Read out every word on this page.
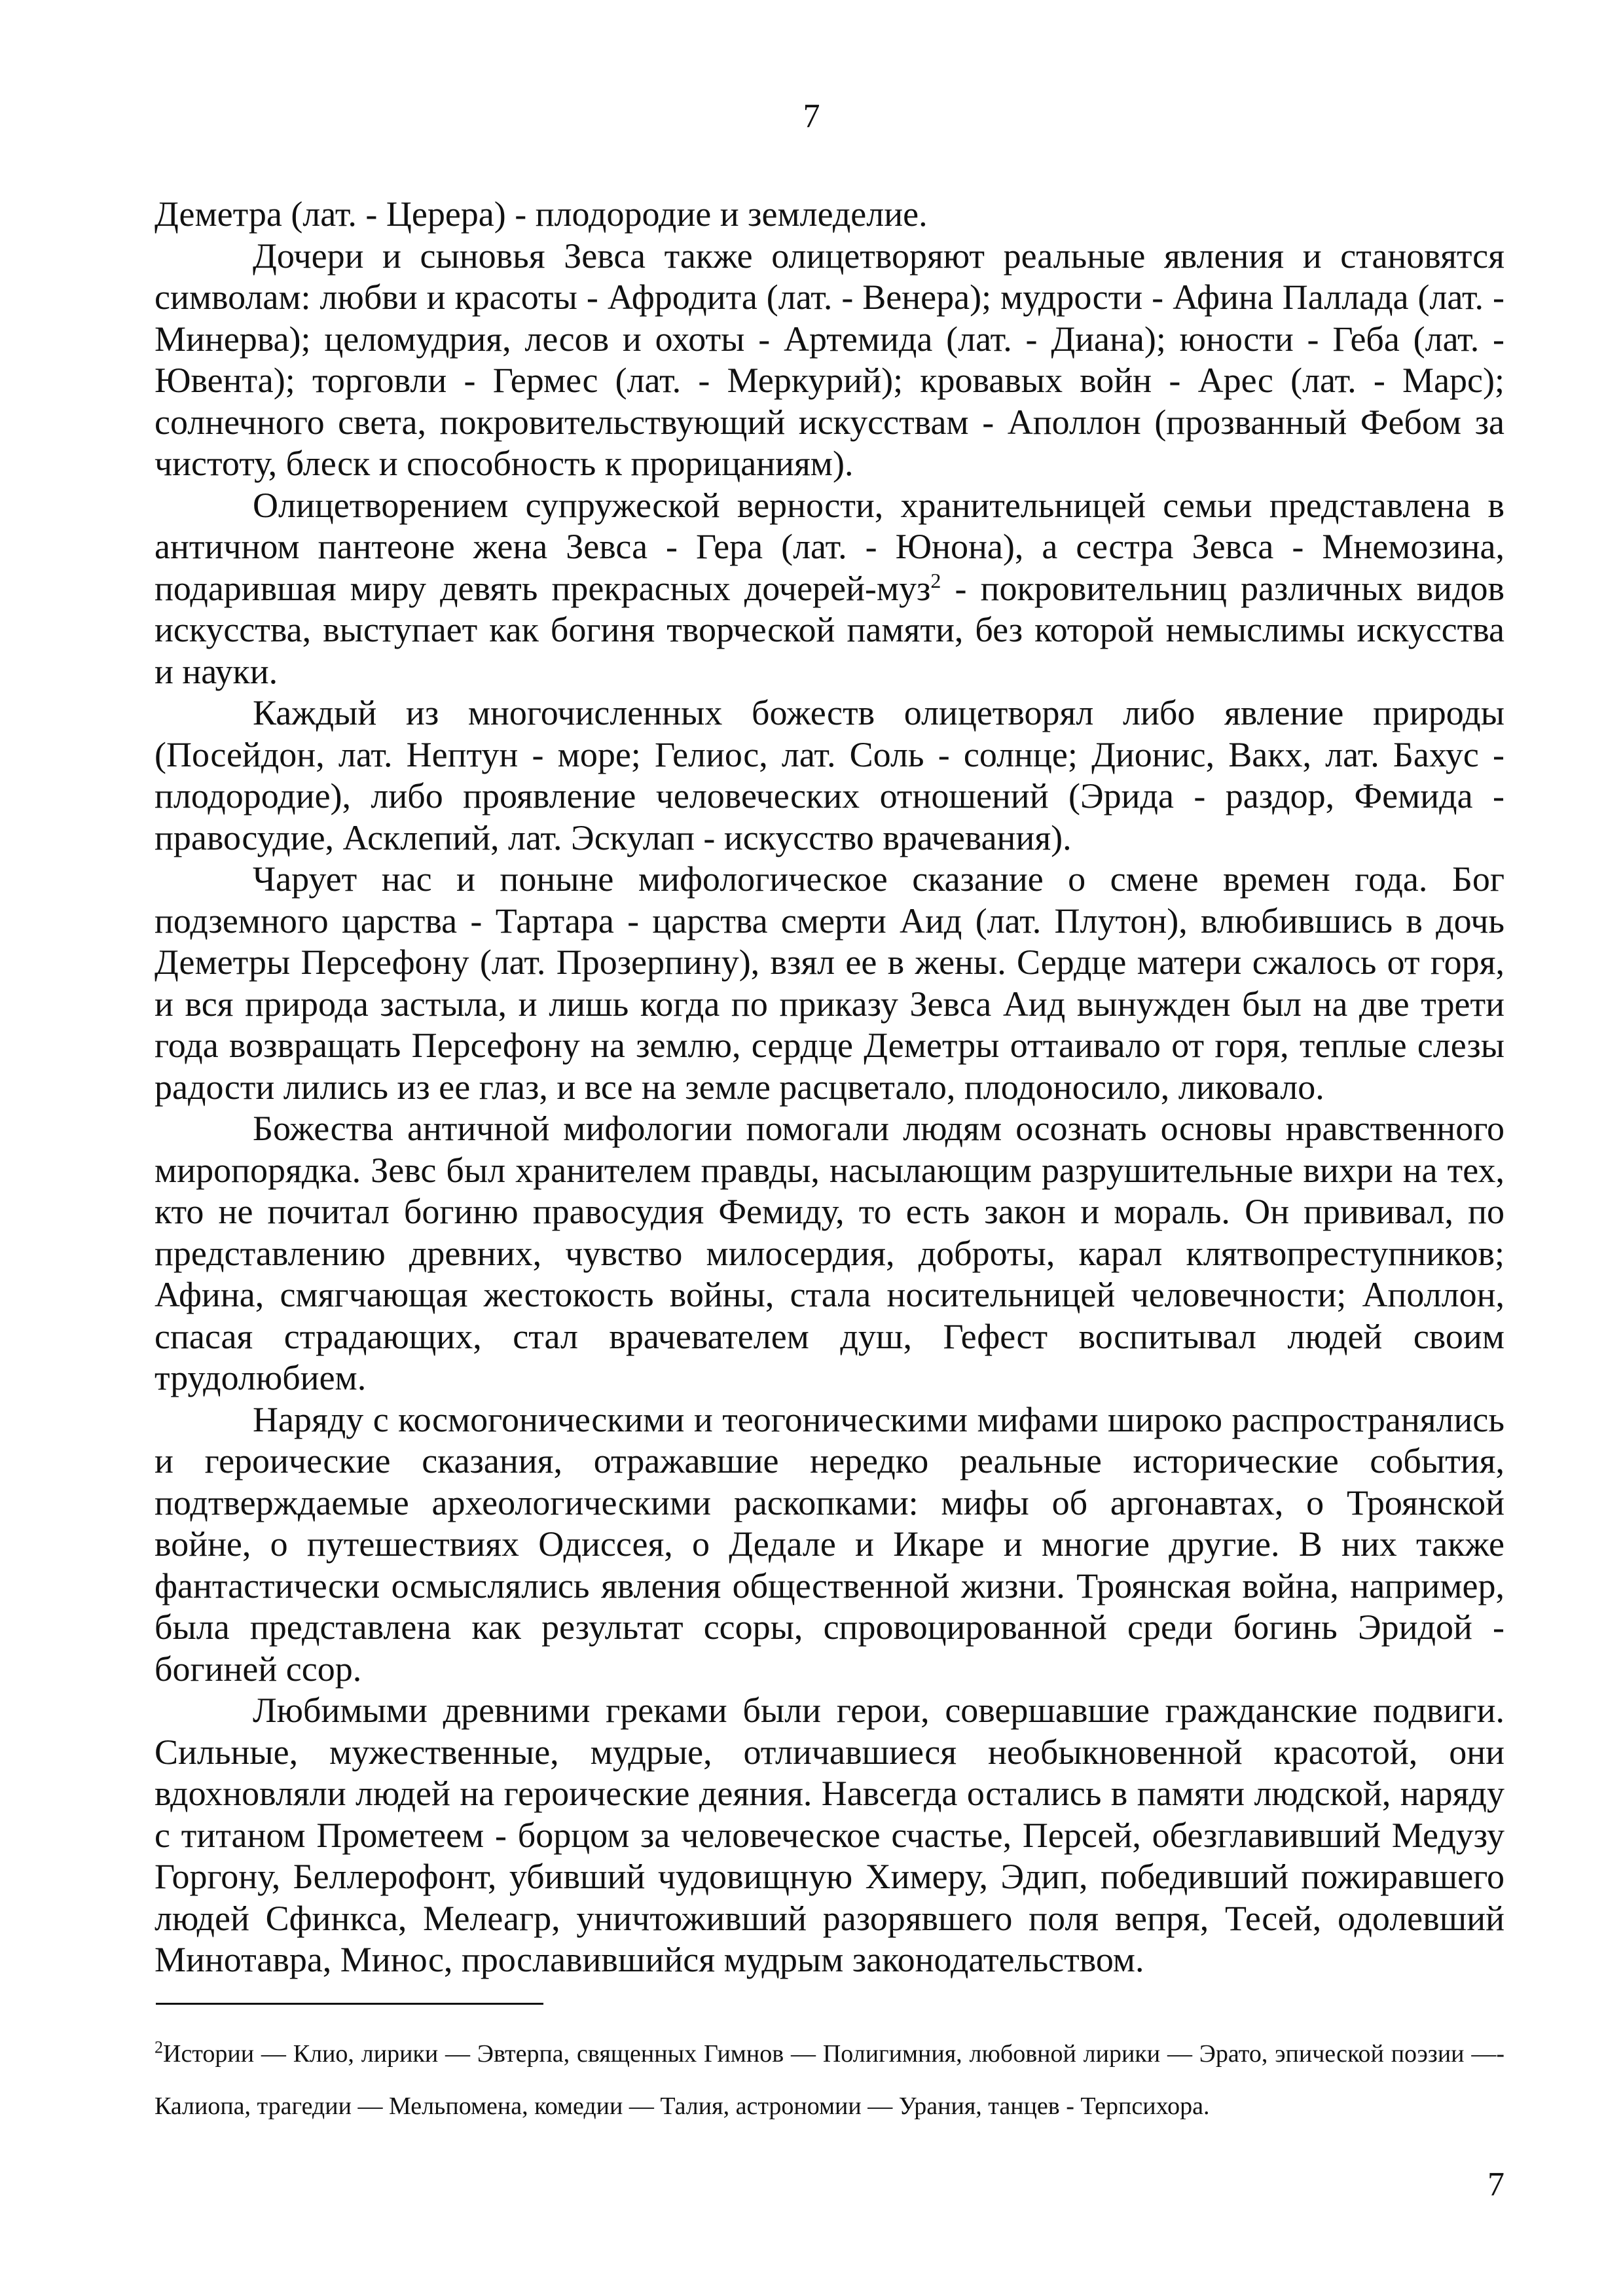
7

Деметра (лат. - Церера) - плодородие и земледелие.

Дочери и сыновья Зевса также олицетворяют реальные явления и становятся символам: любви и красоты - Афродита (лат. - Венера); мудрости - Афина Паллада (лат. - Минерва); целомудрия, лесов и охоты - Артемида (лат. - Диана); юности - Геба (лат. - Ювента); торговли - Гермес (лат. - Меркурий); кровавых войн - Арес (лат. - Марс); солнечного света, покровительствующий искусствам - Аполлон (прозванный Фебом за чистоту, блеск и способность к прорицаниям).

Олицетворением супружеской верности, хранительницей семьи представлена в античном пантеоне жена Зевса - Гера (лат. - Юнона), а сестра Зевса - Мнемозина, подарившая миру девять прекрасных дочерей-муз$^2$ - покровительниц различных видов искусства, выступает как богиня творческой памяти, без которой немыслимы искусства и науки.

Каждый из многочисленных божеств олицетворял либо явление природы (Посейдон, лат. Нептун - море; Гелиос, лат. Соль - солнце; Дионис, Вакх, лат. Бахус - плодородие), либо проявление человеческих отношений (Эрида - раздор, Фемида - правосудие, Асклепий, лат. Эскулап - искусство врачевания).

Чарует нас и поныне мифологическое сказание о смене времен года. Бог подземного царства - Тартара - царства смерти Аид (лат. Плутон), влюбившись в дочь Деметры Персефону (лат. Прозерпину), взял ее в жены. Сердце матери сжалось от горя, и вся природа застыла, и лишь когда по приказу Зевса Аид вынужден был на две трети года возвращать Персефону на землю, сердце Деметры оттаивало от горя, теплые слезы радости лились из ее глаз, и все на земле расцветало, плодоносило, ликовало.

Божества античной мифологии помогали людям осознать основы нравственного миропорядка. Зевс был хранителем правды, насылающим разрушительные вихри на тех, кто не почитал богиню правосудия Фемиду, то есть закон и мораль. Он прививал, по представлению древних, чувство милосердия, доброты, карал клятвопреступников; Афина, смягчающая жестокость войны, стала носительницей человечности; Аполлон, спасая страдающих, стал врачевателем душ, Гефест воспитывал людей своим трудолюбием.

Наряду с космогоническими и теогоническими мифами широко распространялись и героические сказания, отражавшие нередко реальные исторические события, подтверждаемые археологическими раскопками: мифы об аргонавтах, о Троянской войне, о путешествиях Одиссея, о Дедале и Икаре и многие другие. В них также фантастически осмыслялись явления общественной жизни. Троянская война, например, была представлена как результат ссоры, спровоцированной среди богинь Эридой - богиней ссор.

Любимыми древними греками были герои, совершавшие гражданские подвиги. Сильные, мужественные, мудрые, отличавшиеся необыкновенной красотой, они вдохновляли людей на героические деяния. Навсегда остались в памяти людской, наряду с титаном Прометеем - борцом за человеческое счастье, Персей, обезглавивший Медузу Горгону, Беллерофонт, убивший чудовищную Химеру, Эдип, победивший пожиравшего людей Сфинкса, Мелеагр, уничтоживший разорявшего поля вепря, Тесей, одолевший Минотавра, Минос, прославившийся мудрым законодательством.

$^2$Истории — Клио, лирики — Эвтерпа, священных Гимнов — Полигимния, любовной лирики — Эрато, эпической поэзии —- Калиопа, трагедии — Мельпомена, комедии — Талия, астрономии — Урания, танцев - Терпсихора.

7
